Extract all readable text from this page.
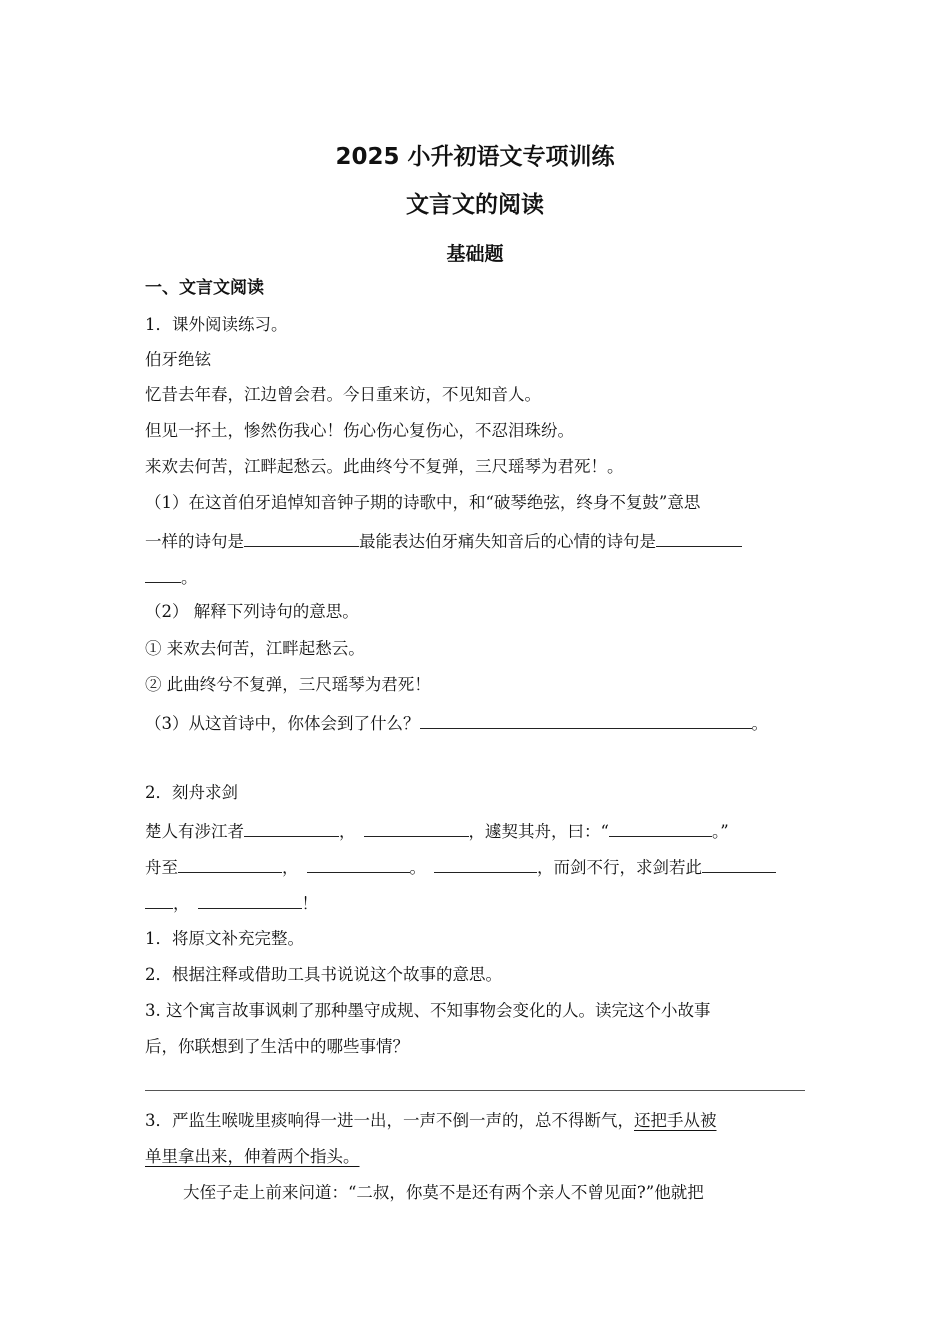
2025 小升初语文专项训练
文言文的阅读
基础题
一、文言文阅读
1．课外阅读练习。
伯牙绝铉
忆昔去年春，江边曾会君。今日重来访，不见知音人。
但见一抔土，惨然伤我心！伤心伤心复伤心，不忍泪珠纷。
来欢去何苦，江畔起愁云。此曲终兮不复弹，三尺瑶琴为君死！。
（1）在这首伯牙追悼知音钟子期的诗歌中，和“破琴绝弦，终身不复鼓”意思
一样的诗句是	最能表达伯牙痛失知音后的心情的诗句是
。
（2） 解释下列诗句的意思。
① 来欢去何苦，江畔起愁云。
② 此曲终兮不复弹，三尺瑶琴为君死！
（3）从这首诗中，你体会到了什么？	。
2．刻舟求剑
楚人有涉江者	，	，遽契其舟，曰：“	。”
舟至	，	。	，而剑不行，求剑若此
，	！
1．将原文补充完整。
2．根据注释或借助工具书说说这个故事的意思。
3. 这个寓言故事讽刺了那种墨守成规、不知事物会变化的人。读完这个小故事
后，你联想到了生活中的哪些事情？
3．严监生喉咙里痰响得一进一出，一声不倒一声的，总不得断气，还把手从被
单里拿出来，伸着两个指头。
大侄子走上前来问道：“二叔，你莫不是还有两个亲人不曾见面?”他就把
